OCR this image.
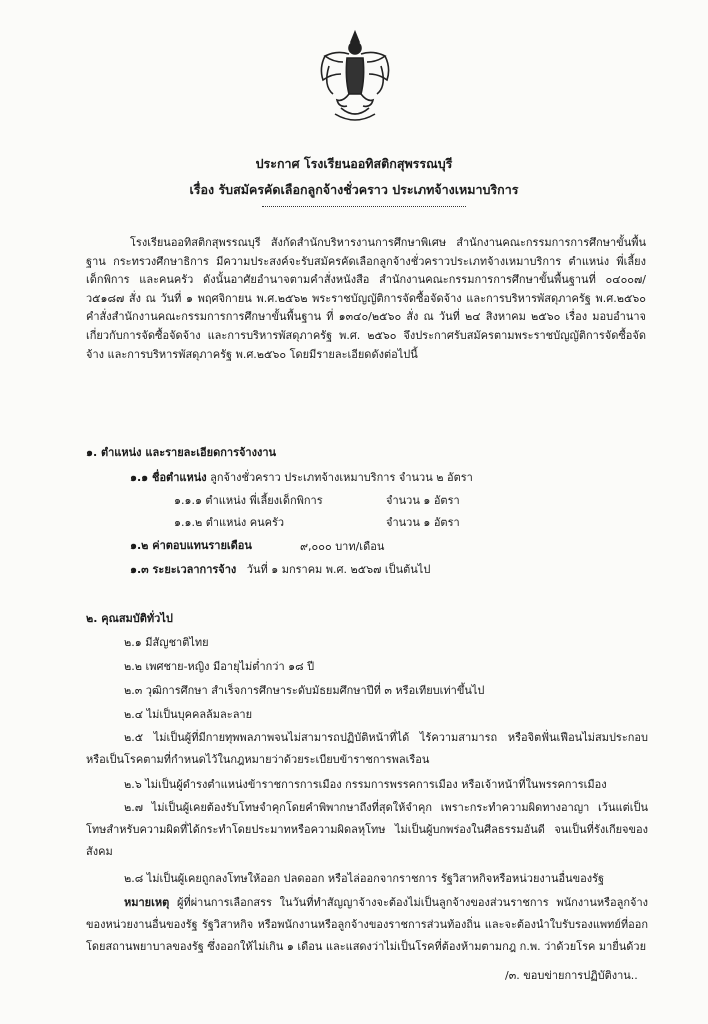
ประกาศ โรงเรียนออทิสติกสุพรรณบุรี
เรื่อง รับสมัครคัดเลือกลูกจ้างชั่วคราว ประเภทจ้างเหมาบริการ
โรงเรียนออทิสติกสุพรรณบุรี สังกัดสำนักบริหารงานการศึกษาพิเศษ สำนักงานคณะกรรมการการศึกษาขั้นพื้นฐาน กระทรวงศึกษาธิการ มีความประสงค์จะรับสมัครคัดเลือกลูกจ้างชั่วคราวประเภทจ้างเหมาบริการ ตำแหน่ง พี่เลี้ยงเด็กพิการ และคนครัว ดังนั้นอาศัยอำนาจตามคำสั่งหนังสือ สำนักงานคณะกรรมการการศึกษาขั้นพื้นฐานที่ ๐๔๐๐๗/ว๕๑๘๗ สั่ง ณ วันที่ ๑ พฤศจิกายน พ.ศ.๒๕๖๒ พระราชบัญญัติการจัดซื้อจัดจ้าง และการบริหารพัสดุภาครัฐ พ.ศ.๒๕๖๐ คำสั่งสำนักงานคณะกรรมการการศึกษาขั้นพื้นฐาน ที่ ๑๓๔๐/๒๕๖๐ สั่ง ณ วันที่ ๒๔ สิงหาคม ๒๕๖๐ เรื่อง มอบอำนาจเกี่ยวกับการจัดซื้อจัดจ้าง และการบริหารพัสดุภาครัฐ พ.ศ. ๒๕๖๐ จึงประกาศรับสมัครตามพระราชบัญญัติการจัดซื้อจัดจ้าง และการบริหารพัสดุภาครัฐ พ.ศ.๒๕๖๐ โดยมีรายละเอียดดังต่อไปนี้
๑. ตำแหน่ง และรายละเอียดการจ้างงาน
๑.๑ ชื่อตำแหน่ง ลูกจ้างชั่วคราว ประเภทจ้างเหมาบริการ จำนวน ๒ อัตรา
๑.๑.๑ ตำแหน่ง พี่เลี้ยงเด็กพิการ	จำนวน ๑ อัตรา
๑.๑.๒ ตำแหน่ง คนครัว	จำนวน ๑ อัตรา
๑.๒ ค่าตอบแทนรายเดือน	๙,๐๐๐ บาท/เดือน
๑.๓ ระยะเวลาการจ้าง วันที่ ๑ มกราคม พ.ศ. ๒๕๖๗ เป็นต้นไป
๒. คุณสมบัติทั่วไป
๒.๑ มีสัญชาติไทย
๒.๒ เพศชาย-หญิง มีอายุไม่ต่ำกว่า ๑๘ ปี
๒.๓ วุฒิการศึกษา สำเร็จการศึกษาระดับมัธยมศึกษาปีที่ ๓ หรือเทียบเท่าขึ้นไป
๒.๔ ไม่เป็นบุคคลล้มละลาย
๒.๕ ไม่เป็นผู้ที่มีกายทุพพลภาพจนไม่สามารถปฏิบัติหน้าที่ได้ ไร้ความสามารถ หรือจิตฟั่นเฟือนไม่สมประกอบ หรือเป็นโรคตามที่กำหนดไว้ในกฎหมายว่าด้วยระเบียบข้าราชการพลเรือน
๒.๖ ไม่เป็นผู้ดำรงตำแหน่งข้าราชการการเมือง กรรมการพรรคการเมือง หรือเจ้าหน้าที่ในพรรคการเมือง
๒.๗ ไม่เป็นผู้เคยต้องรับโทษจำคุกโดยคำพิพากษาถึงที่สุดให้จำคุก เพราะกระทำความผิดทางอาญา เว้นแต่เป็นโทษสำหรับความผิดที่ได้กระทำโดยประมาทหรือความผิดลหุโทษ ไม่เป็นผู้บกพร่องในศีลธรรมอันดี จนเป็นที่รังเกียจของสังคม
๒.๘ ไม่เป็นผู้เคยถูกลงโทษให้ออก ปลดออก หรือไล่ออกจากราชการ รัฐวิสาหกิจหรือหน่วยงานอื่นของรัฐ
หมายเหตุ ผู้ที่ผ่านการเลือกสรร ในวันที่ทำสัญญาจ้างจะต้องไม่เป็นลูกจ้างของส่วนราชการ พนักงานหรือลูกจ้างของหน่วยงานอื่นของรัฐ รัฐวิสาหกิจ หรือพนักงานหรือลูกจ้างของราชการส่วนท้องถิ่น และจะต้องนำใบรับรองแพทย์ที่ออกโดยสถานพยาบาลของรัฐ ซึ่งออกให้ไม่เกิน ๑ เดือน และแสดงว่าไม่เป็นโรคที่ต้องห้ามตามกฎ ก.พ. ว่าด้วยโรค มายื่นด้วย
/๓. ขอบข่ายการปฏิบัติงาน..
